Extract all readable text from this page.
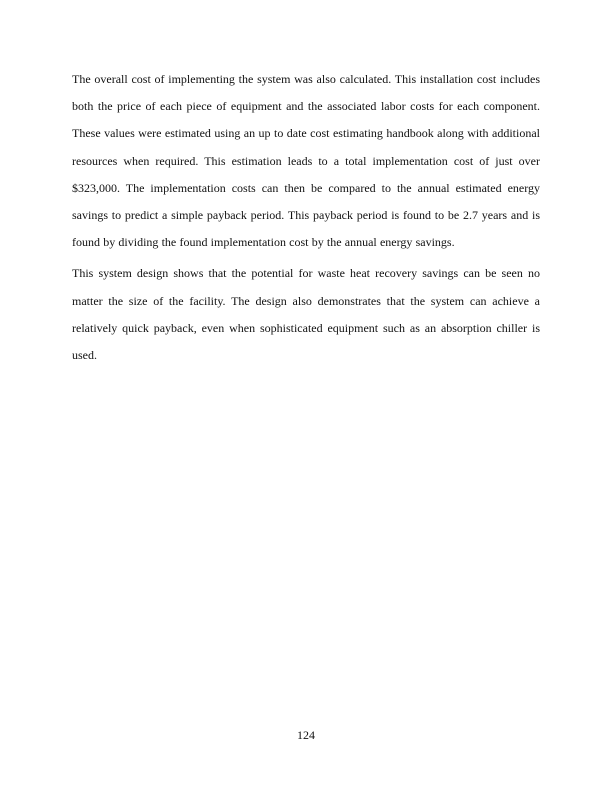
The overall cost of implementing the system was also calculated. This installation cost includes both the price of each piece of equipment and the associated labor costs for each component. These values were estimated using an up to date cost estimating handbook along with additional resources when required. This estimation leads to a total implementation cost of just over $323,000. The implementation costs can then be compared to the annual estimated energy savings to predict a simple payback period. This payback period is found to be 2.7 years and is found by dividing the found implementation cost by the annual energy savings.

This system design shows that the potential for waste heat recovery savings can be seen no matter the size of the facility. The design also demonstrates that the system can achieve a relatively quick payback, even when sophisticated equipment such as an absorption chiller is used.

124
